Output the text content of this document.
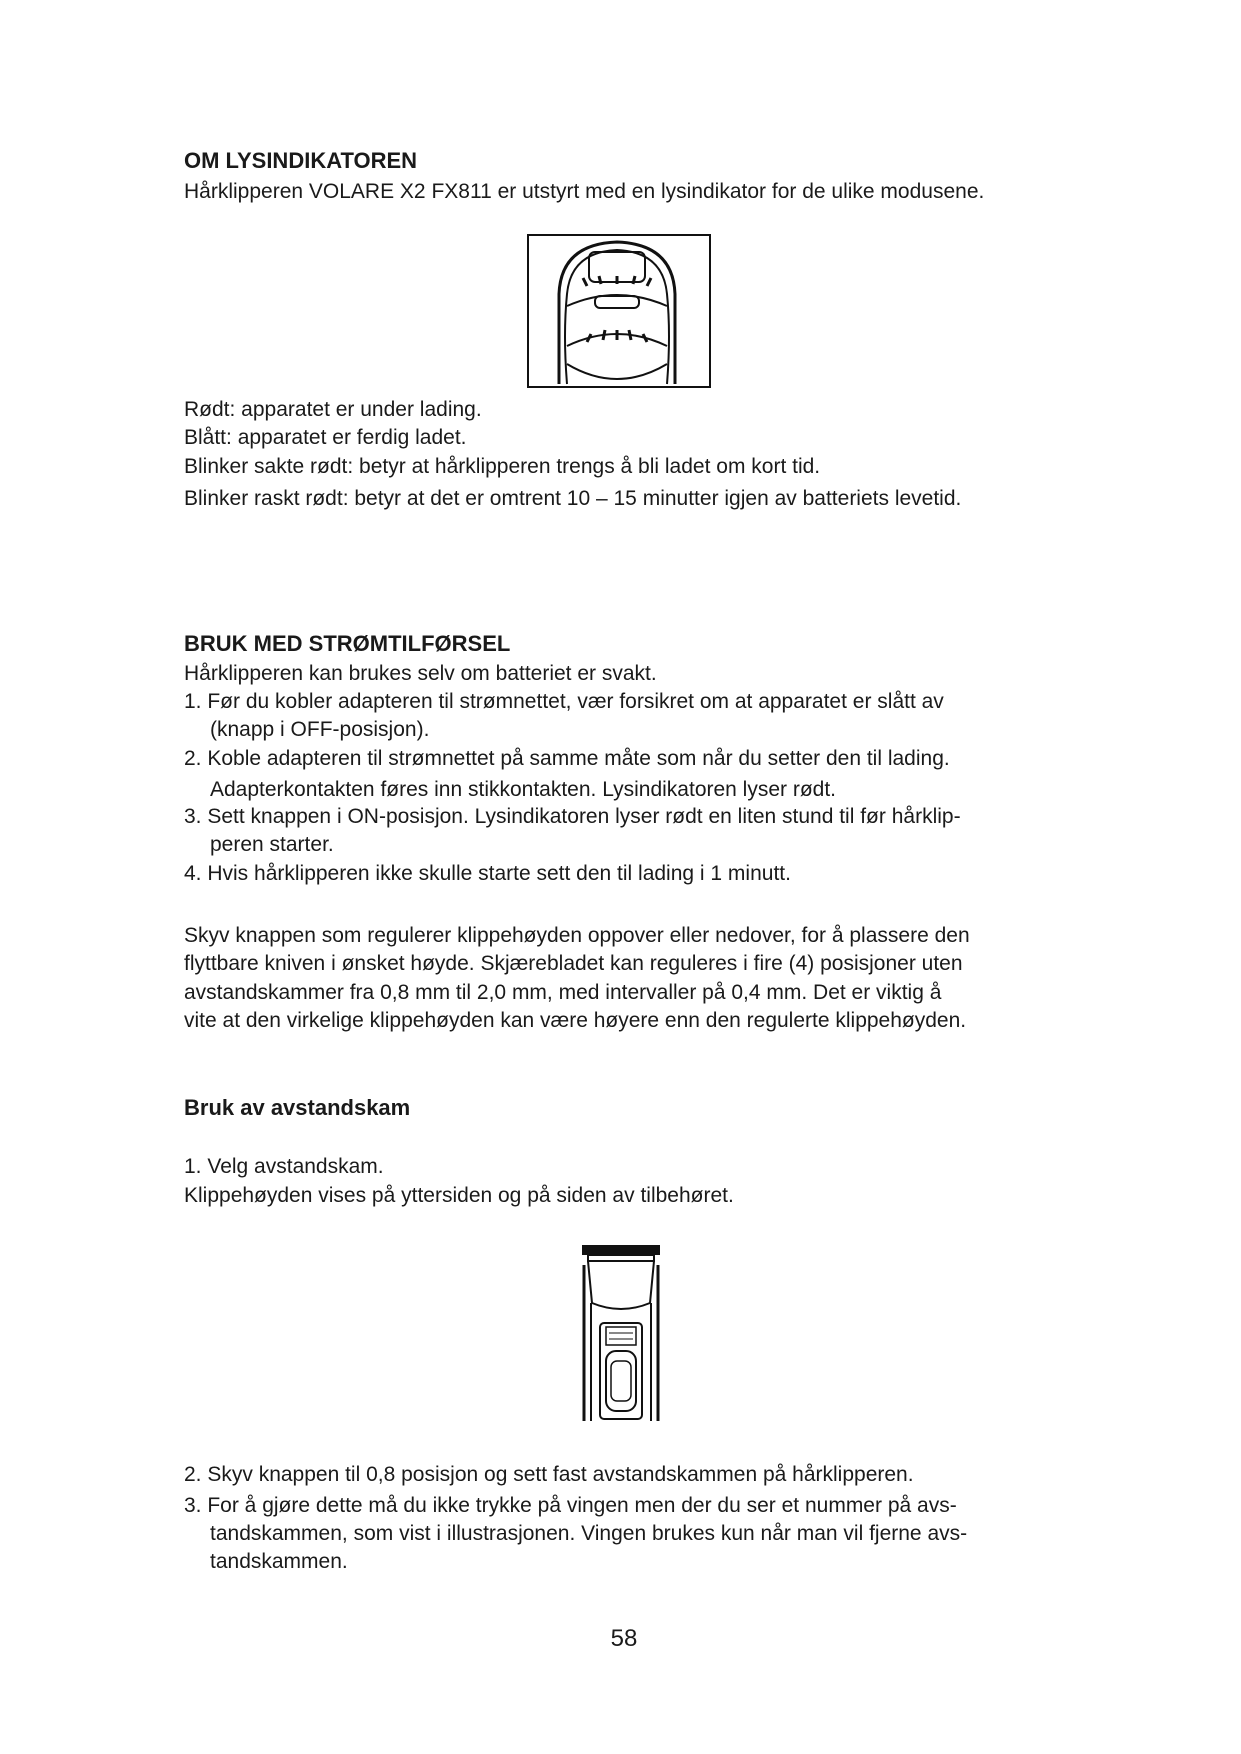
OM LYSINDIKATOREN
Hårklipperen VOLARE X2 FX811 er utstyrt med en lysindikator for de ulike modusene.
Rødt: apparatet er under lading.
Blått: apparatet er ferdig ladet.
Blinker sakte rødt: betyr at hårklipperen trengs å bli ladet om kort tid.
Blinker raskt rødt: betyr at det er omtrent 10 – 15 minutter igjen av batteriets levetid.
BRUK MED STRØMTILFØRSEL
Hårklipperen kan brukes selv om batteriet er svakt.
1. Før du kobler adapteren til strømnettet, vær forsikret om at apparatet er slått av
(knapp i OFF-posisjon).
2. Koble adapteren til strømnettet på samme måte som når du setter den til lading.
Adapterkontakten føres inn stikkontakten. Lysindikatoren lyser rødt.
3. Sett knappen i ON-posisjon. Lysindikatoren lyser rødt en liten stund til før hårklip-
peren starter.
4. Hvis hårklipperen ikke skulle starte sett den til lading i 1 minutt.
Skyv knappen som regulerer klippehøyden oppover eller nedover, for å plassere den
flyttbare kniven i ønsket høyde. Skjærebladet kan reguleres i fire (4) posisjoner uten
avstandskammer fra 0,8 mm til 2,0 mm, med intervaller på 0,4 mm. Det er viktig å
vite at den virkelige klippehøyden kan være høyere enn den regulerte klippehøyden.
Bruk av avstandskam
1. Velg avstandskam.
Klippehøyden vises på yttersiden og på siden av tilbehøret.
2. Skyv knappen til 0,8 posisjon og sett fast avstandskammen på hårklipperen.
3. For å gjøre dette må du ikke trykke på vingen men der du ser et nummer på avs-
tandskammen, som vist i illustrasjonen. Vingen brukes kun når man vil fjerne avs-
tandskammen.
58
